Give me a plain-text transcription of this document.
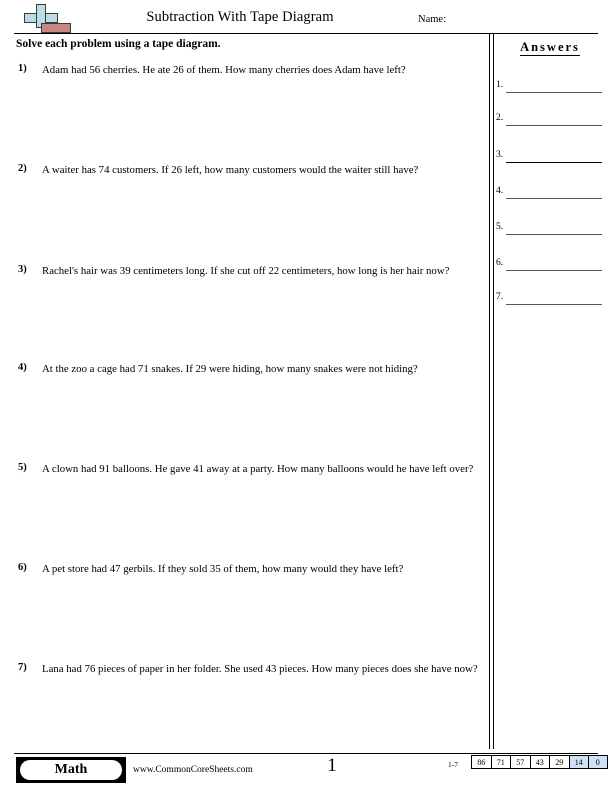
Subtraction With Tape Diagram	Name:
Solve each problem using a tape diagram.
1)	Adam had 56 cherries. He ate 26 of them. How many cherries does Adam have left?
2)	A waiter has 74 customers. If 26 left, how many customers would the waiter still have?
3)	Rachel's hair was 39 centimeters long. If she cut off 22 centimeters, how long is her hair now?
4)	At the zoo a cage had 71 snakes. If 29 were hiding, how many snakes were not hiding?
5)	A clown had 91 balloons. He gave 41 away at a party. How many balloons would he have left over?
6)	A pet store had 47 gerbils. If they sold 35 of them, how many would they have left?
7)	Lana had 76 pieces of paper in her folder. She used 43 pieces. How many pieces does she have now?
Answers
1.
2.
3.
4.
5.
6.
7.
Math	www.CommonCoreSheets.com	1	1-7	86	71	57	43	29	14	0
